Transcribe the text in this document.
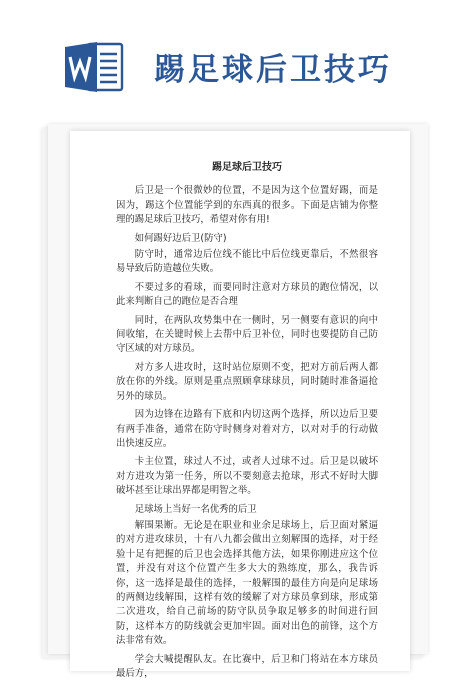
踢足球后卫技巧
踢足球后卫技巧

后卫是一个很微妙的位置，不是因为这个位置好踢，而是因为，踢这个位置能学到的东西真的很多。下面是店铺为你整理的踢足球后卫技巧，希望对你有用!

如何踢好边后卫(防守)

防守时，通常边后位线不能比中后位线更靠后，不然很容易导致后防造越位失败。

不要过多的看球，而要同时注意对方球员的跑位情况，以此来判断自己的跑位是否合理

同时，在两队攻势集中在一侧时，另一侧要有意识的向中间收缩，在关键时候上去帮中后卫补位，同时也要提防自己防守区域的对方球员。

对方多人进攻时，这时站位原则不变，把对方前后两人都放在你的外线。原则是重点照顾拿球球员，同时随时准备逼抢另外的球员。

因为边锋在边路有下底和内切这两个选择，所以边后卫要有两手准备，通常在防守时侧身对着对方，以对对手的行动做出快速反应。

卡主位置，球过人不过，或者人过球不过。后卫是以破坏对方进攻为第一任务，所以不要刻意去抢球，形式不好时大脚破坏甚至让球出界都是明智之举。

足球场上当好一名优秀的后卫

解围果断。无论是在职业和业余足球场上，后卫面对紧逼的对方进攻球员，十有八九都会做出立刻解围的选择，对于经验十足有把握的后卫也会选择其他方法，如果你刚进应这个位置，并没有对这个位置产生多大大的熟练度，那么，我告诉你，这一选择是最佳的选择，一般解围的最佳方向是向足球场的两侧边线解围，这样有效的缓解了对方球员拿到球，形成第二次进攻，给自己前场的防守队员争取足够多的时间进行回防，这样本方的防线就会更加牢固。面对出色的前锋，这个方法非常有效。

学会大喊提醒队友。在比赛中，后卫和门将站在本方球员最后方，
